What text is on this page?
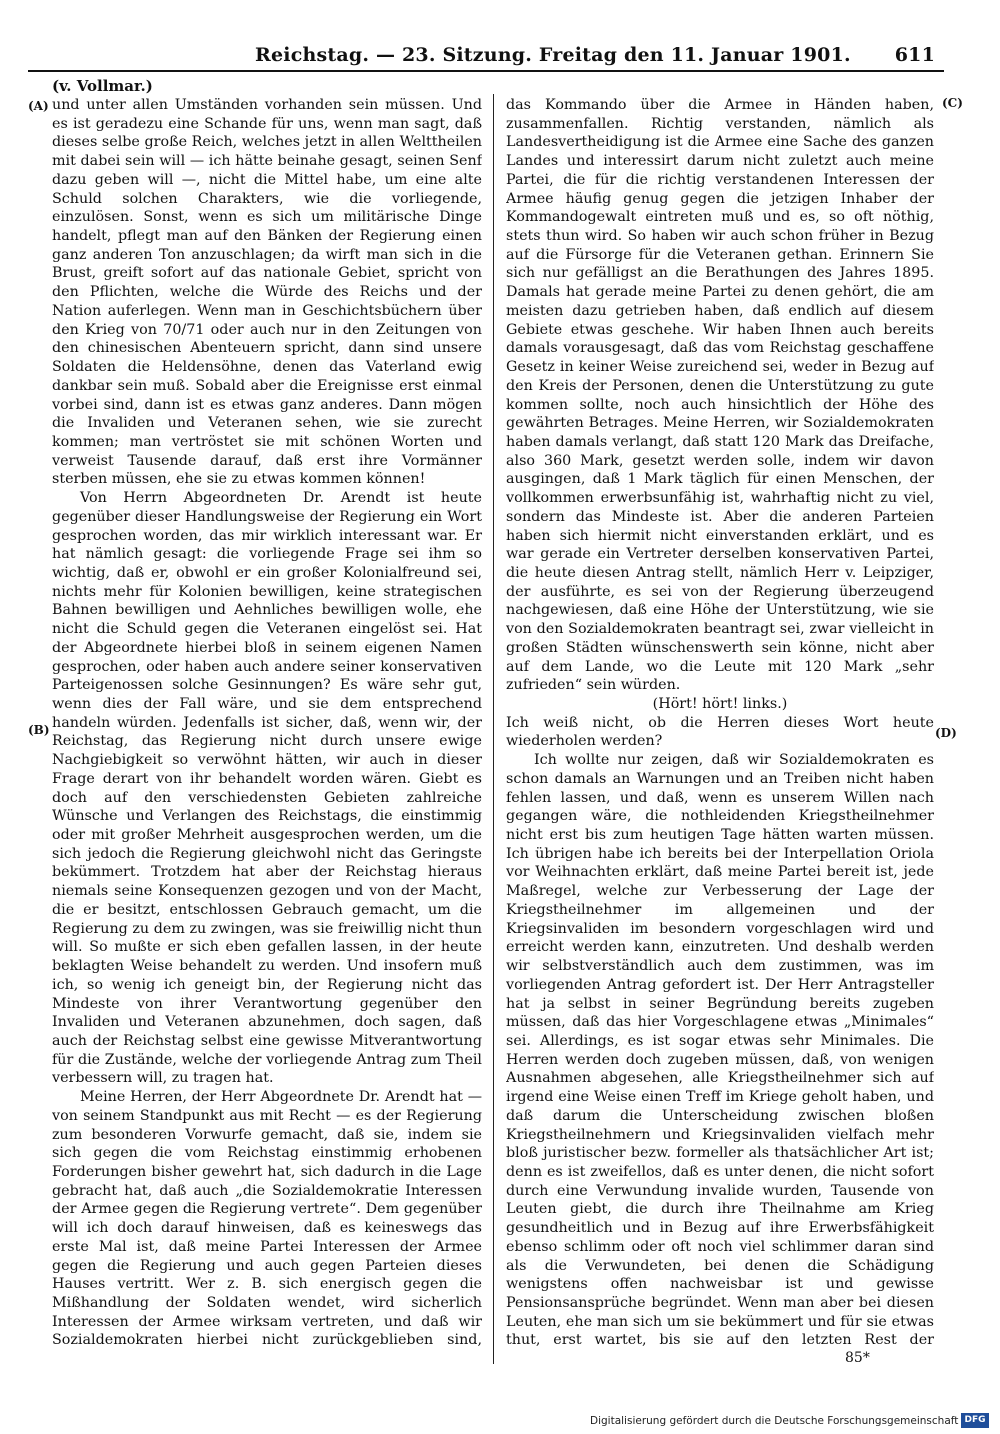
Reichstag. — 23. Sitzung. Freitag den 11. Januar 1901. 611
(A)
(B)
(C)
(D)
(v. Vollmar.)

und unter allen Umständen vorhanden sein müssen. Und es ist geradezu eine Schande für uns, wenn man sagt, daß dieses selbe große Reich, welches jetzt in allen Welttheilen mit dabei sein will — ich hätte beinahe gesagt, seinen Senf dazu geben will —, nicht die Mittel habe, um eine alte Schuld solchen Charakters, wie die vorliegende, einzulösen. Sonst, wenn es sich um militärische Dinge handelt, pflegt man auf den Bänken der Regierung einen ganz anderen Ton anzuschlagen; da wirft man sich in die Brust, greift sofort auf das nationale Gebiet, spricht von den Pflichten, welche die Würde des Reichs und der Nation auferlegen. Wenn man in Geschichtsbüchern über den Krieg von 70/71 oder auch nur in den Zeitungen von den chinesischen Abenteuern spricht, dann sind unsere Soldaten die Heldensöhne, denen das Vaterland ewig dankbar sein muß. Sobald aber die Ereignisse erst einmal vorbei sind, dann ist es etwas ganz anderes. Dann mögen die Invaliden und Veteranen sehen, wie sie zurecht kommen; man vertröstet sie mit schönen Worten und verweist Tausende darauf, daß erst ihre Vormänner sterben müssen, ehe sie zu etwas kommen können!

Von Herrn Abgeordneten Dr. Arendt ist heute gegenüber dieser Handlungsweise der Regierung ein Wort gesprochen worden, das mir wirklich interessant war. Er hat nämlich gesagt: die vorliegende Frage sei ihm so wichtig, daß er, obwohl er ein großer Kolonialfreund sei, nichts mehr für Kolonien bewilligen, keine strategischen Bahnen bewilligen und Aehnliches bewilligen wolle, ehe nicht die Schuld gegen die Veteranen eingelöst sei. Hat der Abgeordnete hierbei bloß in seinem eigenen Namen gesprochen, oder haben auch andere seiner konservativen Parteigenossen solche Gesinnungen? Es wäre sehr gut, wenn dies der Fall wäre, und sie dem entsprechend handeln würden. Jedenfalls ist sicher, daß, wenn wir, der Reichstag, das Regierung nicht durch unsere ewige Nachgiebigkeit so verwöhnt hätten, wir auch in dieser Frage derart von ihr behandelt worden wären. Giebt es doch auf den verschiedensten Gebieten zahlreiche Wünsche und Verlangen des Reichstags, die einstimmig oder mit großer Mehrheit ausgesprochen werden, um die sich jedoch die Regierung gleichwohl nicht das Geringste bekümmert. Trotzdem hat aber der Reichstag hieraus niemals seine Konsequenzen gezogen und von der Macht, die er besitzt, entschlossen Gebrauch gemacht, um die Regierung zu dem zu zwingen, was sie freiwillig nicht thun will. So mußte er sich eben gefallen lassen, in der heute beklagten Weise behandelt zu werden. Und insofern muß ich, so wenig ich geneigt bin, der Regierung nicht das Mindeste von ihrer Verantwortung gegenüber den Invaliden und Veteranen abzunehmen, doch sagen, daß auch der Reichstag selbst eine gewisse Mitverantwortung für die Zustände, welche der vorliegende Antrag zum Theil verbessern will, zu tragen hat.

Meine Herren, der Herr Abgeordnete Dr. Arendt hat — von seinem Standpunkt aus mit Recht — es der Regierung zum besonderen Vorwurfe gemacht, daß sie, indem sie sich gegen die vom Reichstag einstimmig erhobenen Forderungen bisher gewehrt hat, sich dadurch in die Lage gebracht hat, daß auch „die Sozialdemokratie Interessen der Armee gegen die Regierung vertrete“. Dem gegenüber will ich doch darauf hinweisen, daß es keineswegs das erste Mal ist, daß meine Partei Interessen der Armee gegen die Regierung und auch gegen Parteien dieses Hauses vertritt. Wer z. B. sich energisch gegen die Mißhandlung der Soldaten wendet, wird sicherlich Interessen der Armee wirksam vertreten, und daß wir Sozialdemokraten hierbei nicht zurückgeblieben sind,

das Kommando über die Armee in Händen haben, zusammenfallen. Richtig verstanden, nämlich als Landesvertheidigung ist die Armee eine Sache des ganzen Landes und interessirt darum nicht zuletzt auch meine Partei, die für die richtig verstandenen Interessen der Armee häufig genug gegen die jetzigen Inhaber der Kommandogewalt eintreten muß und es, so oft nöthig, stets thun wird. So haben wir auch schon früher in Bezug auf die Fürsorge für die Veteranen gethan. Erinnern Sie sich nur gefälligst an die Berathungen des Jahres 1895. Damals hat gerade meine Partei zu denen gehört, die am meisten dazu getrieben haben, daß endlich auf diesem Gebiete etwas geschehe. Wir haben Ihnen auch bereits damals vorausgesagt, daß das vom Reichstag geschaffene Gesetz in keiner Weise zureichend sei, weder in Bezug auf den Kreis der Personen, denen die Unterstützung zu gute kommen sollte, noch auch hinsichtlich der Höhe des gewährten Betrages. Meine Herren, wir Sozialdemokraten haben damals verlangt, daß statt 120 Mark das Dreifache, also 360 Mark, gesetzt werden solle, indem wir davon ausgingen, daß 1 Mark täglich für einen Menschen, der vollkommen erwerbsunfähig ist, wahrhaftig nicht zu viel, sondern das Mindeste ist. Aber die anderen Parteien haben sich hiermit nicht einverstanden erklärt, und es war gerade ein Vertreter derselben konservativen Partei, die heute diesen Antrag stellt, nämlich Herr v. Leipziger, der ausführte, es sei von der Regierung überzeugend nachgewiesen, daß eine Höhe der Unterstützung, wie sie von den Sozialdemokraten beantragt sei, zwar vielleicht in großen Städten wünschenswerth sein könne, nicht aber auf dem Lande, wo die Leute mit 120 Mark „sehr zufrieden“ sein würden.

(Hört! hört! links.)

Ich weiß nicht, ob die Herren dieses Wort heute wiederholen werden?

Ich wollte nur zeigen, daß wir Sozialdemokraten es schon damals an Warnungen und an Treiben nicht haben fehlen lassen, und daß, wenn es unserem Willen nach gegangen wäre, die nothleidenden Kriegstheilnehmer nicht erst bis zum heutigen Tage hätten warten müssen. Ich übrigen habe ich bereits bei der Interpellation Oriola vor Weihnachten erklärt, daß meine Partei bereit ist, jede Maßregel, welche zur Verbesserung der Lage der Kriegstheilnehmer im allgemeinen und der Kriegsinvaliden im besondern vorgeschlagen wird und erreicht werden kann, einzutreten. Und deshalb werden wir selbstverständlich auch dem zustimmen, was im vorliegenden Antrag gefordert ist. Der Herr Antragsteller hat ja selbst in seiner Begründung bereits zugeben müssen, daß das hier Vorgeschlagene etwas „Minimales“ sei. Allerdings, es ist sogar etwas sehr Minimales. Die Herren werden doch zugeben müssen, daß, von wenigen Ausnahmen abgesehen, alle Kriegstheilnehmer sich auf irgend eine Weise einen Treff im Kriege geholt haben, und daß darum die Unterscheidung zwischen bloßen Kriegstheilnehmern und Kriegsinvaliden vielfach mehr bloß juristischer bezw. formeller als thatsächlicher Art ist; denn es ist zweifellos, daß es unter denen, die nicht sofort durch eine Verwundung invalide wurden, Tausende von Leuten giebt, die durch ihre Theilnahme am Krieg gesundheitlich und in Bezug auf ihre Erwerbsfähigkeit ebenso schlimm oder oft noch viel schlimmer daran sind als die Verwundeten, bei denen die Schädigung wenigstens offen nachweisbar ist und gewisse Pensionsansprüche begründet. Wenn man aber bei diesen Leuten, ehe man sich um sie bekümmert und für sie etwas thut, erst wartet, bis sie auf den letzten Rest der

85*
Digitalisierung gefördert durch die Deutsche Forschungsgemeinschaft DFG
